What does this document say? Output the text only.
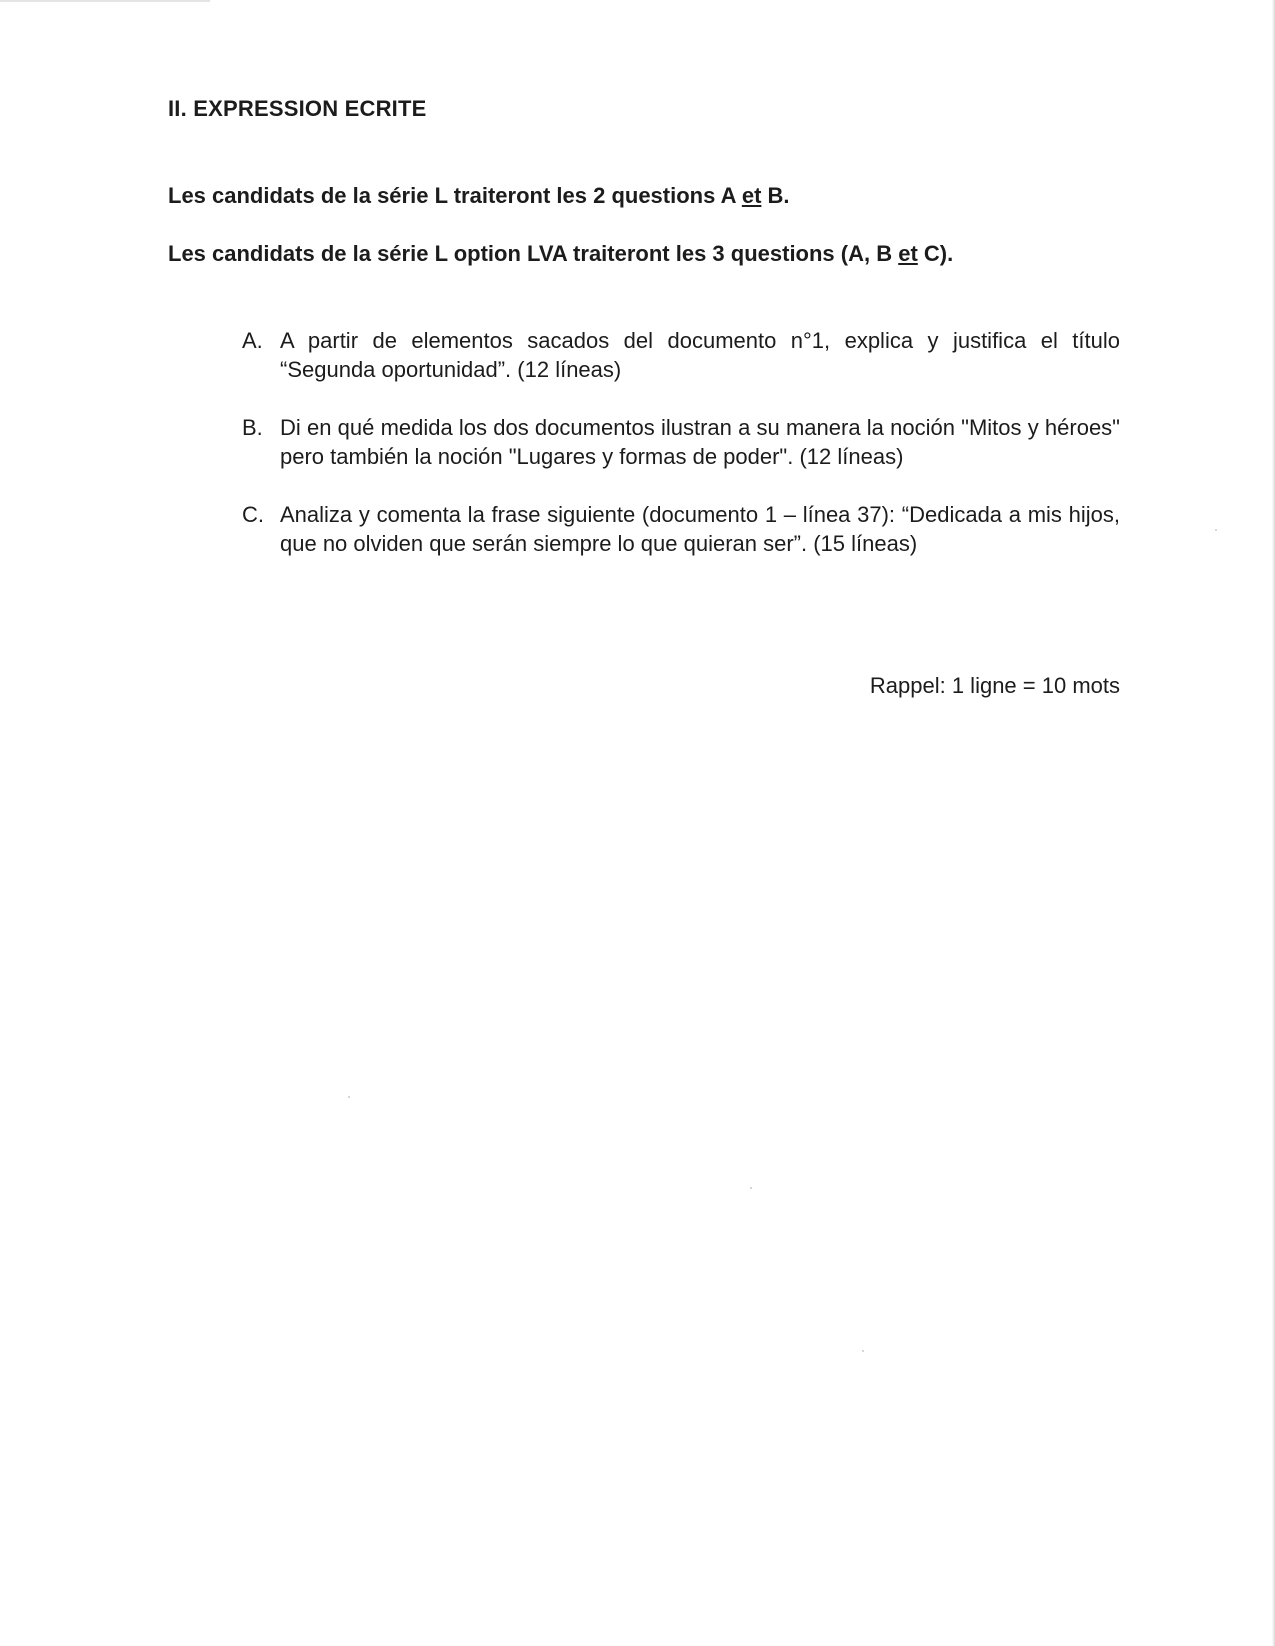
II. EXPRESSION ECRITE

Les candidats de la série L traiteront les 2 questions A et B.

Les candidats de la série L option LVA traiteront les 3 questions (A, B et C).

A. A partir de elementos sacados del documento n°1, explica y justifica el título “Segunda oportunidad”. (12 líneas)
B. Di en qué medida los dos documentos ilustran a su manera la noción "Mitos y héroes" pero también la noción "Lugares y formas de poder". (12 líneas)
C. Analiza y comenta la frase siguiente (documento 1 – línea 37): “Dedicada a mis hijos, que no olviden que serán siempre lo que quieran ser”. (15 líneas)

Rappel: 1 ligne = 10 mots
